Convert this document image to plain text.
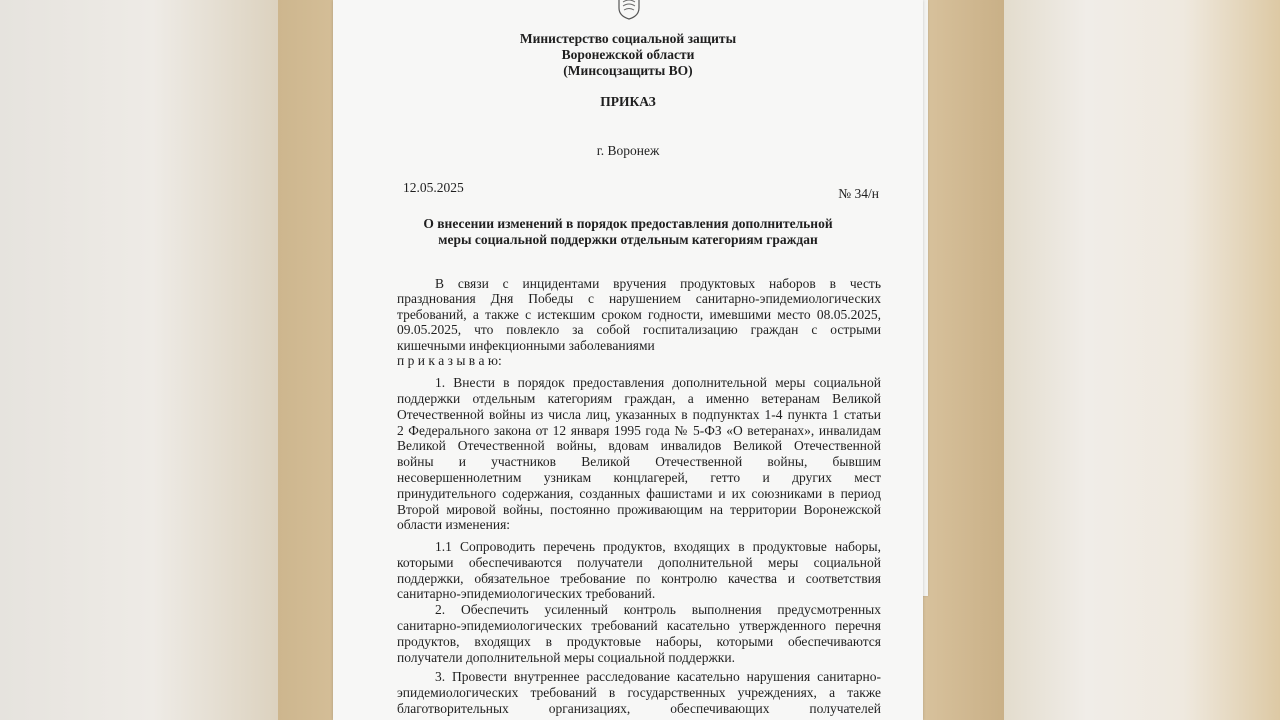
Министерство социальной защиты
Воронежской области
(Минсоцзащиты ВО)
ПРИКАЗ
г. Воронеж
12.05.2025	№ 34/н
О внесении изменений в порядок предоставления дополнительной
меры социальной поддержки отдельным категориям граждан
В связи с инцидентами вручения продуктовых наборов в честь
празднования Дня Победы с нарушением санитарно-эпидемиологических
требований, а также с истекшим сроком годности, имевшими место 08.05.2025,
09.05.2025, что повлекло за собой госпитализацию граждан с острыми
кишечными инфекционными заболеваниями
п р и к а з ы в а ю:
1. Внести в порядок предоставления дополнительной меры социальной
поддержки отдельным категориям граждан, а именно ветеранам Великой
Отечественной войны из числа лиц, указанных в подпунктах 1-4 пункта 1 статьи
2 Федерального закона от 12 января 1995 года № 5-ФЗ «О ветеранах», инвалидам
Великой Отечественной войны, вдовам инвалидов Великой Отечественной
войны и участников Великой Отечественной войны, бывшим
несовершеннолетним узникам концлагерей, гетто и других мест
принудительного содержания, созданных фашистами и их союзниками в период
Второй мировой войны, постоянно проживающим на территории Воронежской
области изменения:
1.1 Сопроводить перечень продуктов, входящих в продуктовые наборы,
которыми обеспечиваются получатели дополнительной меры социальной
поддержки, обязательное требование по контролю качества и соответствия
санитарно-эпидемиологических требований.
2. Обеспечить усиленный контроль выполнения предусмотренных
санитарно-эпидемиологических требований касательно утвержденного перечня
продуктов, входящих в продуктовые наборы, которыми обеспечиваются
получатели дополнительной меры социальной поддержки.
3. Провести внутреннее расследование касательно нарушения санитарно-
эпидемиологических требований в государственных учреждениях, а также
благотворительных организациях, обеспечивающих получателей
